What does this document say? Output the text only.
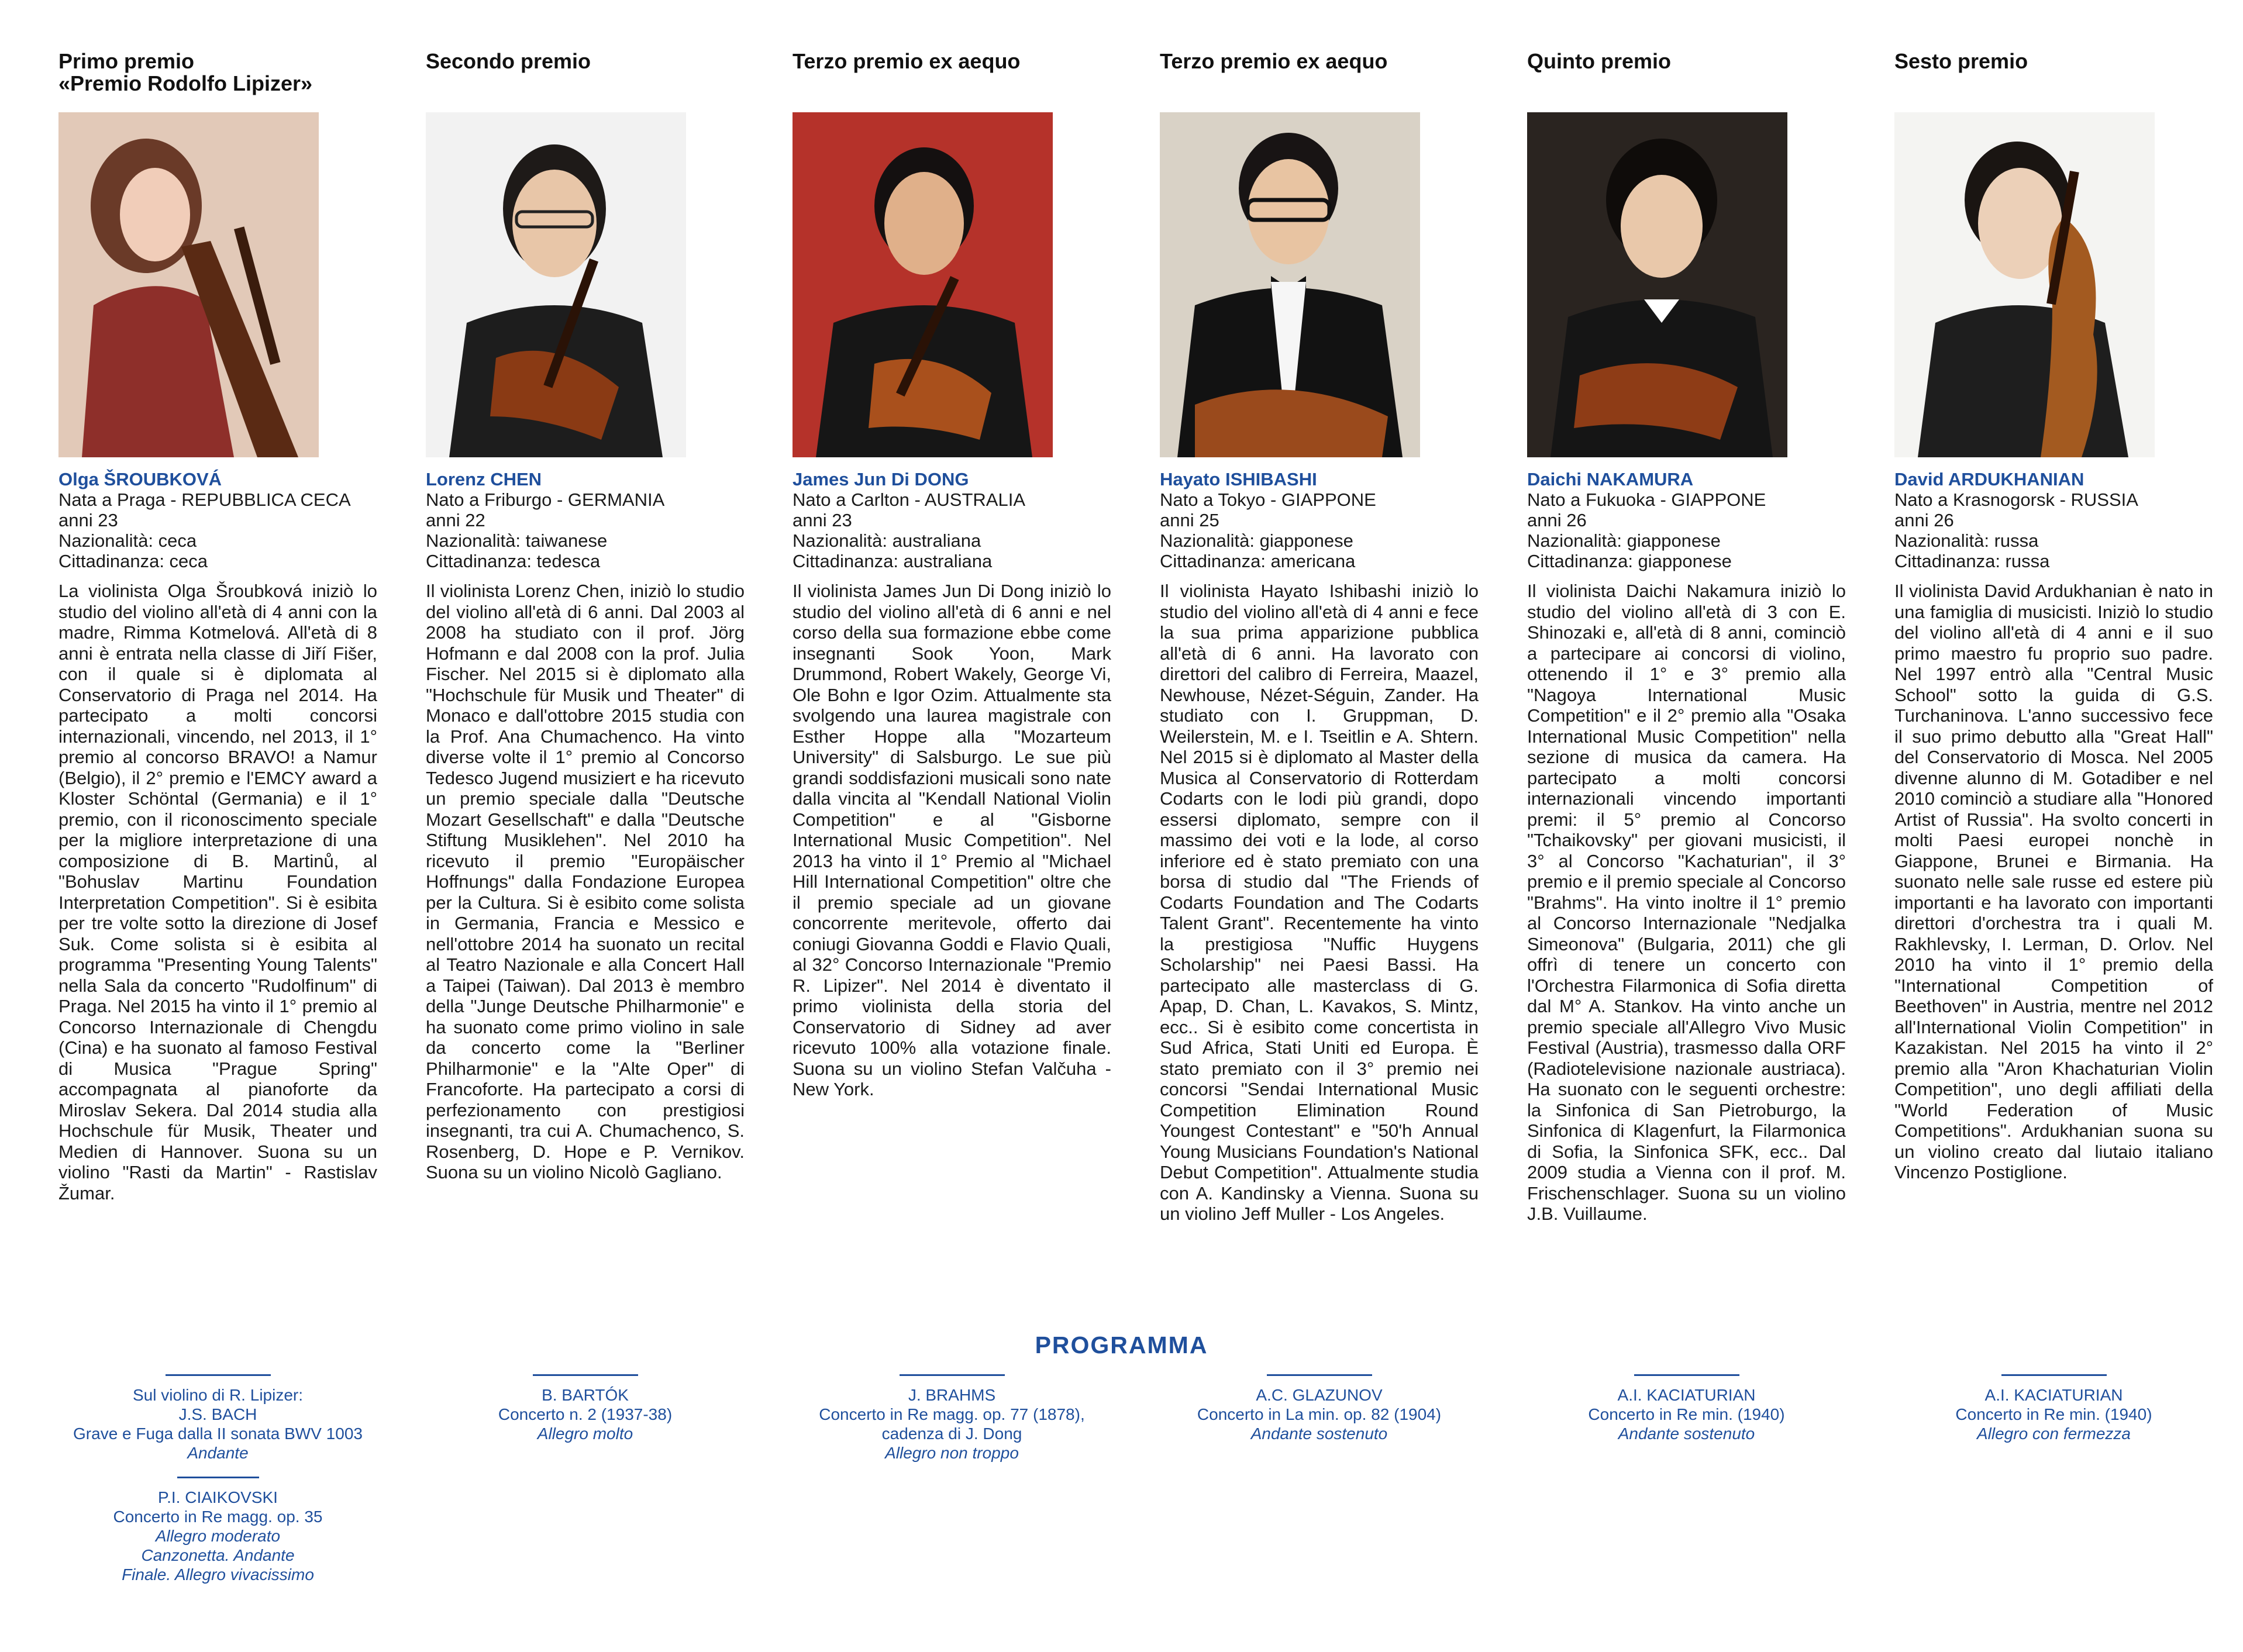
Primo premio
«Premio Rodolfo Lipizer»
Olga ŠROUBKOVÁ
Nata a Praga - REPUBBLICA CECA
anni 23
Nazionalità: ceca
Cittadinanza: ceca
La violinista Olga Šroubková iniziò lo studio del violino all'età di 4 anni con la madre, Rimma Kotmelová. All'età di 8 anni è entrata nella classe di Jiří Fišer, con il quale si è diplomata al Conservatorio di Praga nel 2014. Ha partecipato a molti concorsi internazionali, vincendo, nel 2013, il 1° premio al concorso BRAVO! a Namur (Belgio), il 2° premio e l'EMCY award a Kloster Schöntal (Germania) e il 1° premio, con il riconoscimento speciale per la migliore interpretazione di una composizione di B. Martinů, al "Bohuslav Martinu Foundation Interpretation Competition". Si è esibita per tre volte sotto la direzione di Josef Suk. Come solista si è esibita al programma "Presenting Young Talents" nella Sala da concerto "Rudolfinum" di Praga. Nel 2015 ha vinto il 1° premio al Concorso Internazionale di Chengdu (Cina) e ha suonato al famoso Festival di Musica "Prague Spring" accompagnata al pianoforte da Miroslav Sekera. Dal 2014 studia alla Hochschule für Musik, Theater und Medien di Hannover. Suona su un violino "Rasti da Martin" - Rastislav Žumar.
Secondo premio
Lorenz CHEN
Nato a Friburgo - GERMANIA
anni 22
Nazionalità: taiwanese
Cittadinanza: tedesca
Il violinista Lorenz Chen, iniziò lo studio del violino all'età di 6 anni. Dal 2003 al 2008 ha studiato con il prof. Jörg Hofmann e dal 2008 con la prof. Julia Fischer. Nel 2015 si è diplomato alla "Hochschule für Musik und Theater" di Monaco e dall'ottobre 2015 studia con la Prof. Ana Chumachenco. Ha vinto diverse volte il 1° premio al Concorso Tedesco Jugend musiziert e ha ricevuto un premio speciale dalla "Deutsche Mozart Gesellschaft" e dalla "Deutsche Stiftung Musiklehen". Nel 2010 ha ricevuto il premio "Europäischer Hoffnungs" dalla Fondazione Europea per la Cultura. Si è esibito come solista in Germania, Francia e Messico e nell'ottobre 2014 ha suonato un recital al Teatro Nazionale e alla Concert Hall a Taipei (Taiwan). Dal 2013 è membro della "Junge Deutsche Philharmonie" e ha suonato come primo violino in sale da concerto come la "Berliner Philharmonie" e la "Alte Oper" di Francoforte. Ha partecipato a corsi di perfezionamento con prestigiosi insegnanti, tra cui A. Chumachenco, S. Rosenberg, D. Hope e P. Vernikov. Suona su un violino Nicolò Gagliano.
Terzo premio ex aequo
James Jun Di DONG
Nato a Carlton - AUSTRALIA
anni 23
Nazionalità: australiana
Cittadinanza: australiana
Il violinista James Jun Di Dong iniziò lo studio del violino all'età di 6 anni e nel corso della sua formazione ebbe come insegnanti Sook Yoon, Mark Drummond, Robert Wakely, George Vi, Ole Bohn e Igor Ozim. Attualmente sta svolgendo una laurea magistrale con Esther Hoppe alla "Mozarteum University" di Salsburgo. Le sue più grandi soddisfazioni musicali sono nate dalla vincita al "Kendall National Violin Competition" e al "Gisborne International Music Competition". Nel 2013 ha vinto il 1° Premio al "Michael Hill International Competition" oltre che il premio speciale ad un giovane concorrente meritevole, offerto dai coniugi Giovanna Goddi e Flavio Quali, al 32° Concorso Internazionale "Premio R. Lipizer". Nel 2014 è diventato il primo violinista della storia del Conservatorio di Sidney ad aver ricevuto 100% alla votazione finale. Suona su un violino Stefan Valčuha - New York.
Terzo premio ex aequo
Hayato ISHIBASHI
Nato a Tokyo - GIAPPONE
anni 25
Nazionalità: giapponese
Cittadinanza: americana
Il violinista Hayato Ishibashi iniziò lo studio del violino all'età di 4 anni e fece la sua prima apparizione pubblica all'età di 6 anni. Ha lavorato con direttori del calibro di Ferreira, Maazel, Newhouse, Nézet-Séguin, Zander. Ha studiato con I. Gruppman, D. Weilerstein, M. e I. Tseitlin e A. Shtern. Nel 2015 si è diplomato al Master della Musica al Conservatorio di Rotterdam Codarts con le lodi più grandi, dopo essersi diplomato, sempre con il massimo dei voti e la lode, al corso inferiore ed è stato premiato con una borsa di studio dal "The Friends of Codarts Foundation and The Codarts Talent Grant". Recentemente ha vinto la prestigiosa "Nuffic Huygens Scholarship" nei Paesi Bassi. Ha partecipato alle masterclass di G. Apap, D. Chan, L. Kavakos, S. Mintz, ecc.. Si è esibito come concertista in Sud Africa, Stati Uniti ed Europa. È stato premiato con il 3° premio nei concorsi "Sendai International Music Competition Elimination Round Youngest Contestant" e "50'h Annual Young Musicians Foundation's National Debut Competition". Attualmente studia con A. Kandinsky a Vienna. Suona su un violino Jeff Muller - Los Angeles.
Quinto premio
Daichi NAKAMURA
Nato a Fukuoka - GIAPPONE
anni 26
Nazionalità: giapponese
Cittadinanza: giapponese
Il violinista Daichi Nakamura iniziò lo studio del violino all'età di 3 con E. Shinozaki e, all'età di 8 anni, cominciò a partecipare ai concorsi di violino, ottenendo il 1° e 3° premio alla "Nagoya International Music Competition" e il 2° premio alla "Osaka International Music Competition" nella sezione di musica da camera. Ha partecipato a molti concorsi internazionali vincendo importanti premi: il 5° premio al Concorso "Tchaikovsky" per giovani musicisti, il 3° al Concorso "Kachaturian", il 3° premio e il premio speciale al Concorso "Brahms". Ha vinto inoltre il 1° premio al Concorso Internazionale "Nedjalka Simeonova" (Bulgaria, 2011) che gli offrì di tenere un concerto con l'Orchestra Filarmonica di Sofia diretta dal M° A. Stankov. Ha vinto anche un premio speciale all'Allegro Vivo Music Festival (Austria), trasmesso dalla ORF (Radiotelevisione nazionale austriaca). Ha suonato con le seguenti orchestre: la Sinfonica di San Pietroburgo, la Sinfonica di Klagenfurt, la Filarmonica di Sofia, la Sinfonica SFK, ecc.. Dal 2009 studia a Vienna con il prof. M. Frischenschlager. Suona su un violino J.B. Vuillaume.
Sesto premio
David ARDUKHANIAN
Nato a Krasnogorsk - RUSSIA
anni 26
Nazionalità: russa
Cittadinanza: russa
Il violinista David Ardukhanian è nato in una famiglia di musicisti. Iniziò lo studio del violino all'età di 4 anni e il suo primo maestro fu proprio suo padre. Nel 1997 entrò alla "Central Music School" sotto la guida di G.S. Turchaninova. L'anno successivo fece il suo primo debutto alla "Great Hall" del Conservatorio di Mosca. Nel 2005 divenne alunno di M. Gotadiber e nel 2010 cominciò a studiare alla "Honored Artist of Russia". Ha svolto concerti in molti Paesi europei nonchè in Giappone, Brunei e Birmania. Ha suonato nelle sale russe ed estere più importanti e ha lavorato con importanti direttori d'orchestra tra i quali M. Rakhlevsky, I. Lerman, D. Orlov. Nel 2010 ha vinto il 1° premio della "International Competition of Beethoven" in Austria, mentre nel 2012 all'International Violin Competition" in Kazakistan. Nel 2015 ha vinto il 2° premio alla "Aron Khachaturian Violin Competition", uno degli affiliati della "World Federation of Music Competitions". Ardukhanian suona su un violino creato dal liutaio italiano Vincenzo Postiglione.
PROGRAMMA
Sul violino di R. Lipizer:
J.S. BACH
Grave e Fuga dalla II sonata BWV 1003
Andante
P.I. CIAIKOVSKI
Concerto in Re magg. op. 35
Allegro moderato
Canzonetta. Andante
Finale. Allegro vivacissimo
B. BARTÓK
Concerto n. 2 (1937-38)
Allegro molto
J. BRAHMS
Concerto in Re magg. op. 77 (1878),
cadenza di J. Dong
Allegro non troppo
A.C. GLAZUNOV
Concerto in La min. op. 82 (1904)
Andante sostenuto
A.I. KACIATURIAN
Concerto in Re min. (1940)
Andante sostenuto
A.I. KACIATURIAN
Concerto in Re min. (1940)
Allegro con fermezza
